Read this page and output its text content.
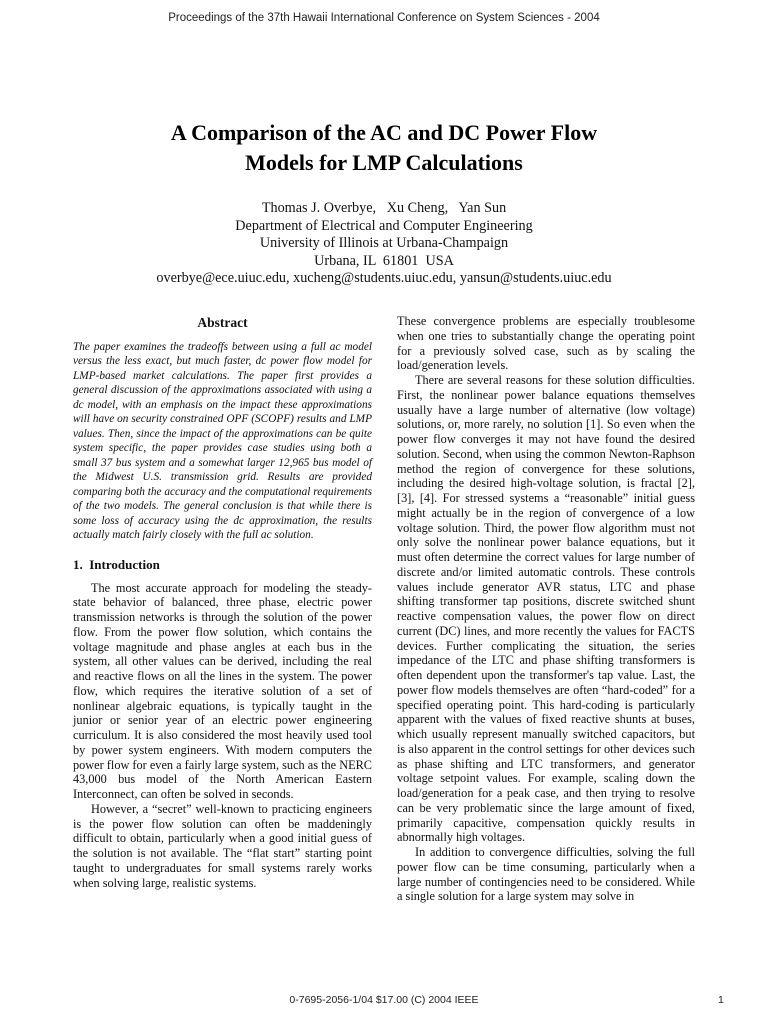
Proceedings of the 37th Hawaii International Conference on System Sciences - 2004
A Comparison of the AC and DC Power Flow
Models for LMP Calculations
Thomas J. Overbye,   Xu Cheng,   Yan Sun
Department of Electrical and Computer Engineering
University of Illinois at Urbana-Champaign
Urbana, IL  61801  USA
overbye@ece.uiuc.edu, xucheng@students.uiuc.edu, yansun@students.uiuc.edu
Abstract

The paper examines the tradeoffs between using a full ac model versus the less exact, but much faster, dc power flow model for LMP-based market calculations. The paper first provides a general discussion of the approximations associated with using a dc model, with an emphasis on the impact these approximations will have on security constrained OPF (SCOPF) results and LMP values. Then, since the impact of the approximations can be quite system specific, the paper provides case studies using both a small 37 bus system and a somewhat larger 12,965 bus model of the Midwest U.S. transmission grid. Results are provided comparing both the accuracy and the computational requirements of the two models. The general conclusion is that while there is some loss of accuracy using the dc approximation, the results actually match fairly closely with the full ac solution.

1.  Introduction

The most accurate approach for modeling the steady-state behavior of balanced, three phase, electric power transmission networks is through the solution of the power flow. From the power flow solution, which contains the voltage magnitude and phase angles at each bus in the system, all other values can be derived, including the real and reactive flows on all the lines in the system. The power flow, which requires the iterative solution of a set of nonlinear algebraic equations, is typically taught in the junior or senior year of an electric power engineering curriculum. It is also considered the most heavily used tool by power system engineers. With modern computers the power flow for even a fairly large system, such as the NERC 43,000 bus model of the North American Eastern Interconnect, can often be solved in seconds.

However, a “secret” well-known to practicing engineers is the power flow solution can often be maddeningly difficult to obtain, particularly when a good initial guess of the solution is not available. The “flat start” starting point taught to undergraduates for small systems rarely works when solving large, realistic systems.

These convergence problems are especially troublesome when one tries to substantially change the operating point for a previously solved case, such as by scaling the load/generation levels.

There are several reasons for these solution difficulties. First, the nonlinear power balance equations themselves usually have a large number of alternative (low voltage) solutions, or, more rarely, no solution [1]. So even when the power flow converges it may not have found the desired solution. Second, when using the common Newton-Raphson method the region of convergence for these solutions, including the desired high-voltage solution, is fractal [2], [3], [4]. For stressed systems a “reasonable” initial guess might actually be in the region of convergence of a low voltage solution. Third, the power flow algorithm must not only solve the nonlinear power balance equations, but it must often determine the correct values for large number of discrete and/or limited automatic controls. These controls values include generator AVR status, LTC and phase shifting transformer tap positions, discrete switched shunt reactive compensation values, the power flow on direct current (DC) lines, and more recently the values for FACTS devices. Further complicating the situation, the series impedance of the LTC and phase shifting transformers is often dependent upon the transformer's tap value. Last, the power flow models themselves are often “hard-coded” for a specified operating point. This hard-coding is particularly apparent with the values of fixed reactive shunts at buses, which usually represent manually switched capacitors, but is also apparent in the control settings for other devices such as phase shifting and LTC transformers, and generator voltage setpoint values. For example, scaling down the load/generation for a peak case, and then trying to resolve can be very problematic since the large amount of fixed, primarily capacitive, compensation quickly results in abnormally high voltages.

In addition to convergence difficulties, solving the full power flow can be time consuming, particularly when a large number of contingencies need to be considered. While a single solution for a large system may solve in

0-7695-2056-1/04 $17.00 (C) 2004 IEEE	1
